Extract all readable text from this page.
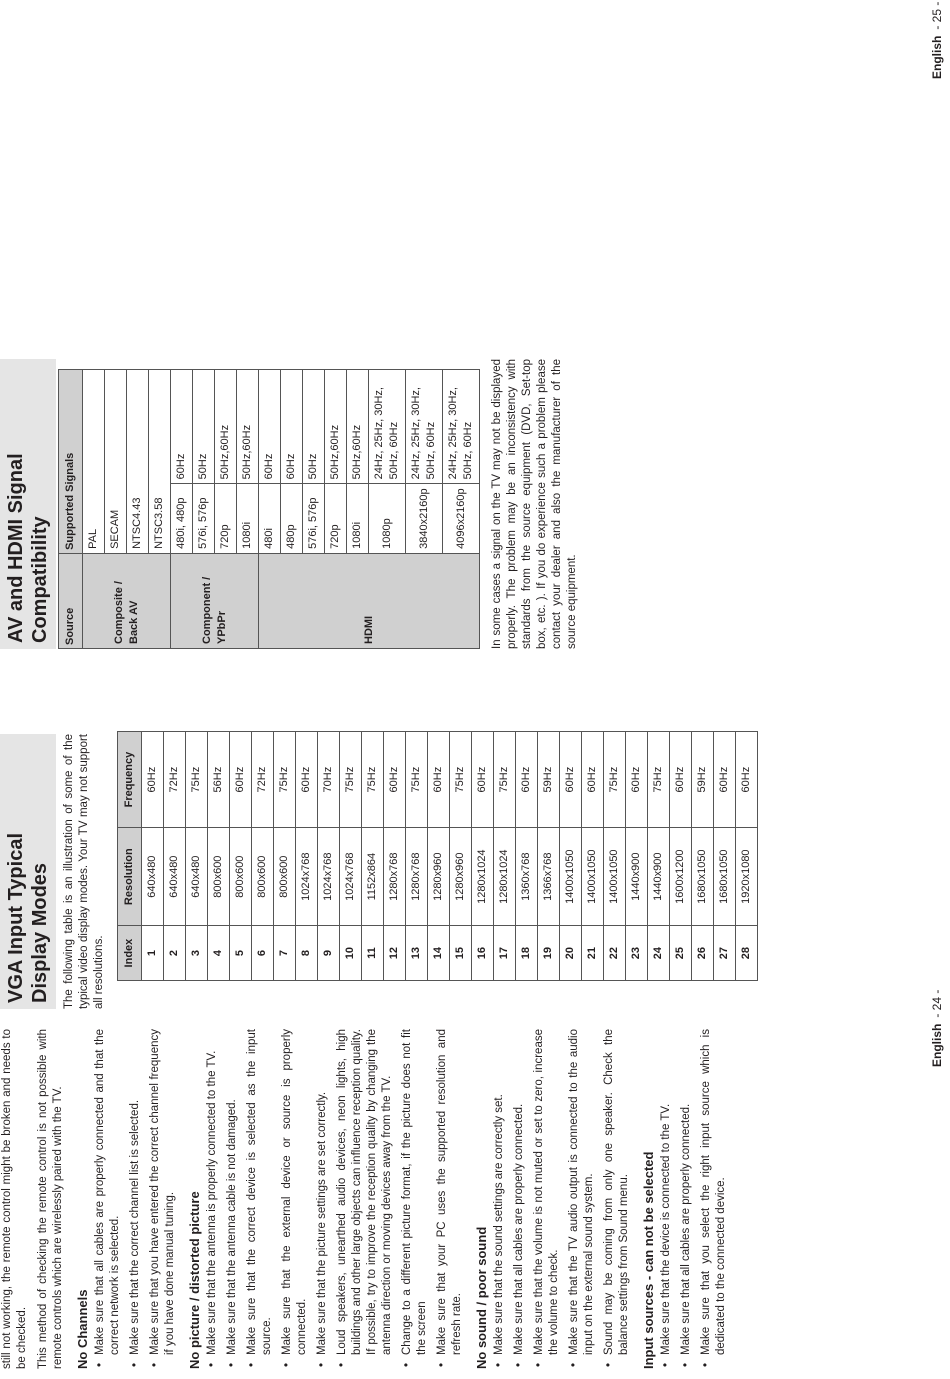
still not working, the remote control might be broken and needs to be checked. This method of checking the remote control is not possible with remote controls which are wirelessly paired with the TV. No Channels • Make sure that all cables are properly connected and that the correct network is selected. • Make sure that the correct channel list is selected. • Make sure that you have entered the correct channel frequency if you have done manual tuning. No picture / distorted picture • Make sure that the antenna is properly connected to the TV. • Make sure that the antenna cable is not damaged. • Make sure that the correct device is selected as the input source. • Make sure that the external device or source is properly connected. • Make sure that the picture settings are set correctly. • Loud speakers, unearthed audio devices, neon lights, high buildings and other large objects can influence reception quality. If possible, try to improve the reception quality by changing the antenna direction or moving devices away from the TV. • Change to a different picture format, if the picture does not fit the screen • Make sure that your PC uses the supported resolution and refresh rate. No sound / poor sound • Make sure that the sound settings are correctly set. • Make sure that all cables are properly connected. • Make sure that the volume is not muted or set to zero, increase the volume to check. • Make sure that the TV audio output is connected to the audio input on the external sound system. • Sound may be coming from only one speaker. Check the balance settings from Sound menu. Input sources - can not be selected • Make sure that the device is connected to the TV. • Make sure that all cables are properly connected. • Make sure that you select the right input source which is dedicated to the connected device.
English- 24 -
VGA Input Typical Display Modes The following table is an illustration of some of the typical video display modes. Your TV may not support all resolutions. Index	Resolution	Frequency
1	640x480	60Hz
2	640x480	72Hz
3	640x480	75Hz
4	800x600	56Hz
5	800x600	60Hz
6	800x600	72Hz
7	800x600	75Hz
8	1024x768	60Hz
9	1024x768	70Hz
10	1024x768	75Hz
11	1152x864	75Hz
12	1280x768	60Hz
13	1280x768	75Hz
14	1280x960	60Hz
15	1280x960	75Hz
16	1280x1024	60Hz
17	1280x1024	75Hz
18	1360x768	60Hz
19	1366x768	59Hz
20	1400x1050	60Hz
21	1400x1050	60Hz
22	1400x1050	75Hz
23	1440x900	60Hz
24	1440x900	75Hz
25	1600x1200	60Hz
26	1680x1050	59Hz
27	1680x1050	60Hz
28	1920x1080	60Hz
AV and HDMI Signal Compatibility Source	Supported Signals	
Composite / Back AV	PAL	
	SECAM	
	NTSC4.43	
	NTSC3.58	
Component / YPbPr	480i, 480p	60Hz
	576i, 576p	50Hz
	720p	50Hz,60Hz
	1080i	50Hz,60Hz
HDMI	480i	60Hz
	480p	60Hz
	576i, 576p	50Hz
	720p	50Hz,60Hz
	1080i	50Hz,60Hz
	1080p	24Hz, 25Hz, 30Hz, 50Hz, 60Hz
	3840x2160p	24Hz, 25Hz, 30Hz, 50Hz, 60Hz
	4096x2160p	24Hz, 25Hz, 30Hz, 50Hz, 60Hz In some cases a signal on the TV may not be displayed properly. The problem may be an inconsistency with standards from the source equipment (DVD, Set-top box, etc. ). If you do experience such a problem please contact your dealer and also the manufacturer of the source equipment.

English- 25 -
